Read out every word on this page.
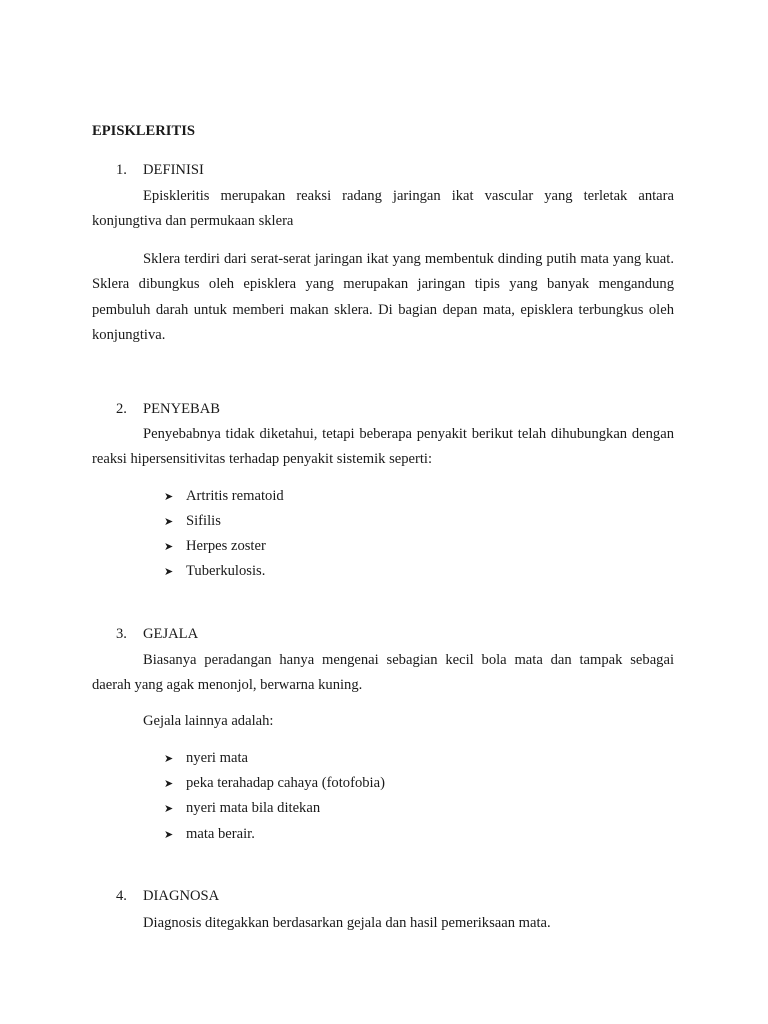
EPISKLERITIS
1. DEFINISI
Episkleritis merupakan reaksi radang jaringan ikat vascular yang terletak antara konjungtiva dan permukaan sklera
Sklera terdiri dari serat-serat jaringan ikat yang membentuk dinding putih mata yang kuat. Sklera dibungkus oleh episklera yang merupakan jaringan tipis yang banyak mengandung pembuluh darah untuk memberi makan sklera. Di bagian depan mata, episklera terbungkus oleh konjungtiva.
2. PENYEBAB
Penyebabnya tidak diketahui, tetapi beberapa penyakit berikut telah dihubungkan dengan reaksi hipersensitivitas terhadap penyakit sistemik seperti:
➤ Artritis rematoid
➤ Sifilis
➤ Herpes zoster
➤ Tuberkulosis.
3. GEJALA
Biasanya peradangan hanya mengenai sebagian kecil bola mata dan tampak sebagai daerah yang agak menonjol, berwarna kuning.
Gejala lainnya adalah:
➤ nyeri mata
➤ peka terahadap cahaya (fotofobia)
➤ nyeri mata bila ditekan
➤ mata berair.
4. DIAGNOSA
Diagnosis ditegakkan berdasarkan gejala dan hasil pemeriksaan mata.
